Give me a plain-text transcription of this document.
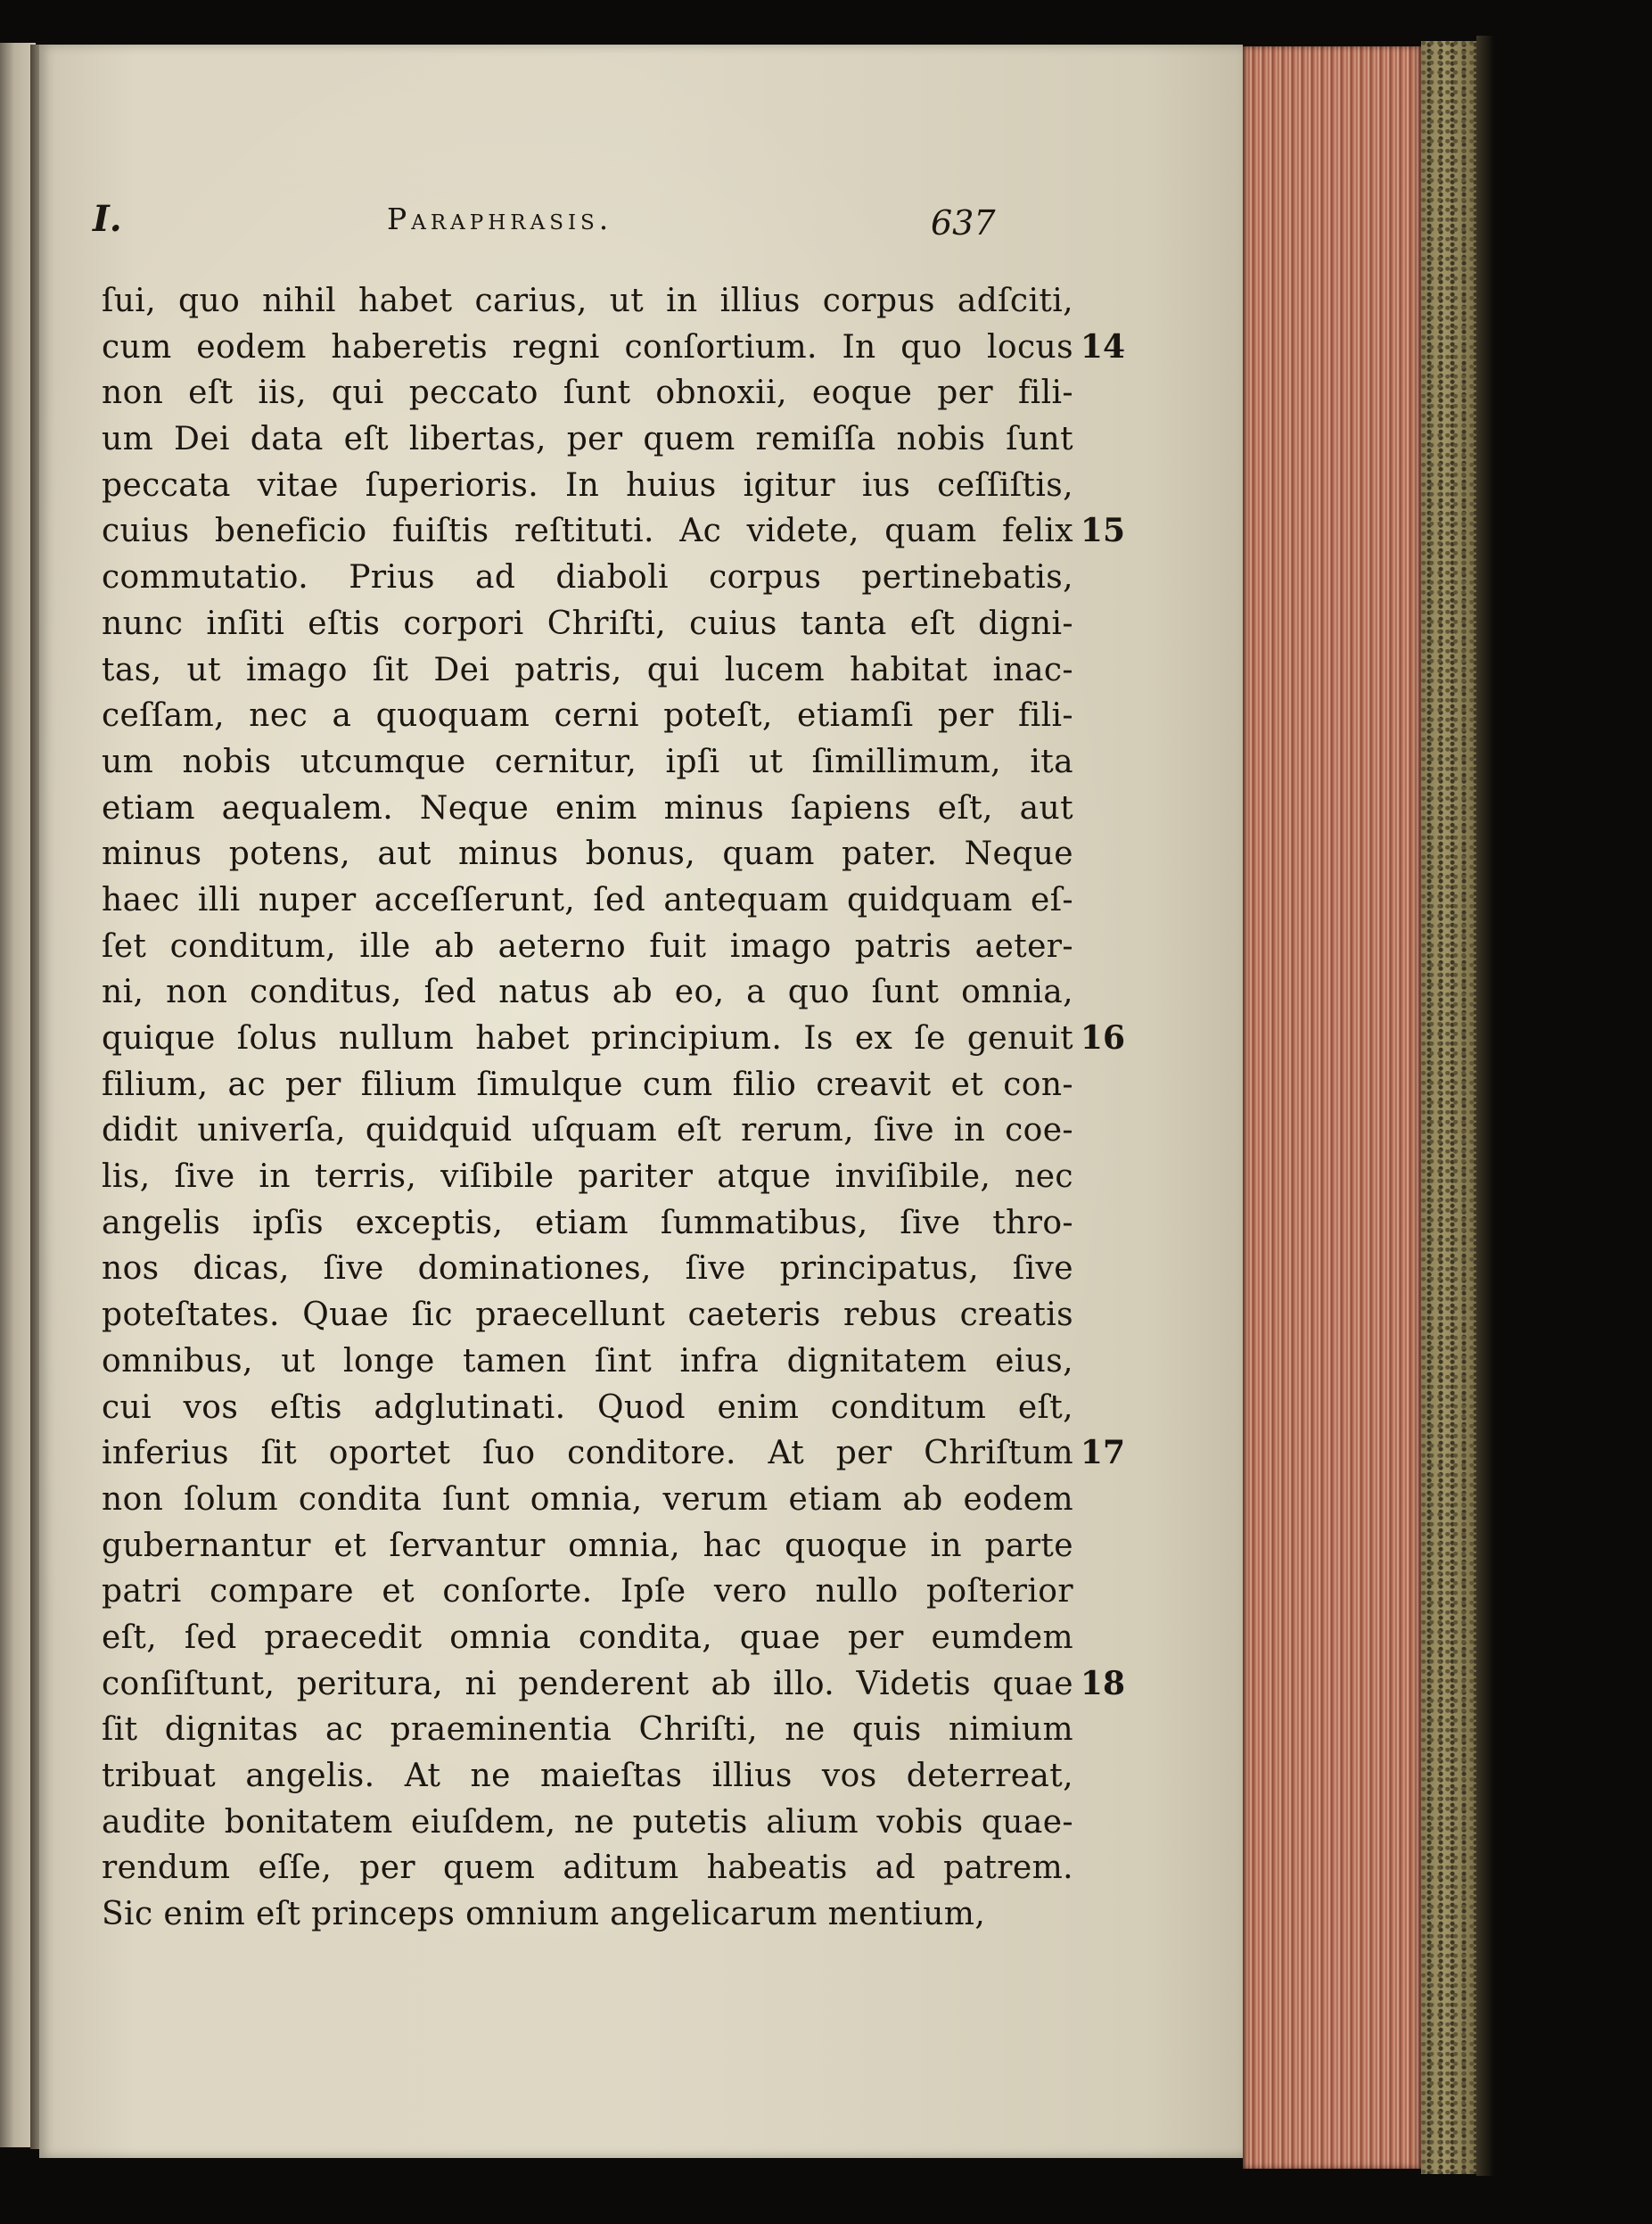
I.	Paraphrasis.	637
ſui, quo nihil habet carius, ut in illius corpus adſciti,
cum eodem haberetis regni conſortium. In quo locus 14
non eſt iis, qui peccato ſunt obnoxii, eoque per fili-
um Dei data eſt libertas, per quem remiſſa nobis ſunt
peccata vitae ſuperioris. In huius igitur ius ceſſiſtis,
cuius beneficio fuiſtis reſtituti. Ac videte, quam felix 15
commutatio. Prius ad diaboli corpus pertinebatis,
nunc inſiti eſtis corpori Chriſti, cuius tanta eſt digni-
tas, ut imago ſit Dei patris, qui lucem habitat inac-
ceſſam, nec a quoquam cerni poteſt, etiamſi per fili-
um nobis utcumque cernitur, ipſi ut ſimillimum, ita
etiam aequalem. Neque enim minus ſapiens eſt, aut
minus potens, aut minus bonus, quam pater. Neque
haec illi nuper acceſſerunt, ſed antequam quidquam eſ-
ſet conditum, ille ab aeterno fuit imago patris aeter-
ni, non conditus, ſed natus ab eo, a quo ſunt omnia,
quique ſolus nullum habet principium. Is ex ſe genuit 16
filium, ac per filium ſimulque cum filio creavit et con-
didit univerſa, quidquid uſquam eſt rerum, ſive in coe-
lis, ſive in terris, viſibile pariter atque inviſibile, nec
angelis ipſis exceptis, etiam ſummatibus, ſive thro-
nos dicas, ſive dominationes, ſive principatus, ſive
poteſtates. Quae ſic praecellunt caeteris rebus creatis
omnibus, ut longe tamen ſint infra dignitatem eius,
cui vos eſtis adglutinati. Quod enim conditum eſt,
inferius ſit oportet ſuo conditore. At per Chriſtum 17
non ſolum condita ſunt omnia, verum etiam ab eodem
gubernantur et ſervantur omnia, hac quoque in parte
patri compare et conſorte. Ipſe vero nullo poſterior
eſt, ſed praecedit omnia condita, quae per eumdem
conſiſtunt, peritura, ni penderent ab illo. Videtis quae 18
ſit dignitas ac praeminentia Chriſti, ne quis nimium
tribuat angelis. At ne maieſtas illius vos deterreat,
audite bonitatem eiuſdem, ne putetis alium vobis quae-
rendum eſſe, per quem aditum habeatis ad patrem.
Sic enim eſt princeps omnium angelicarum mentium,
